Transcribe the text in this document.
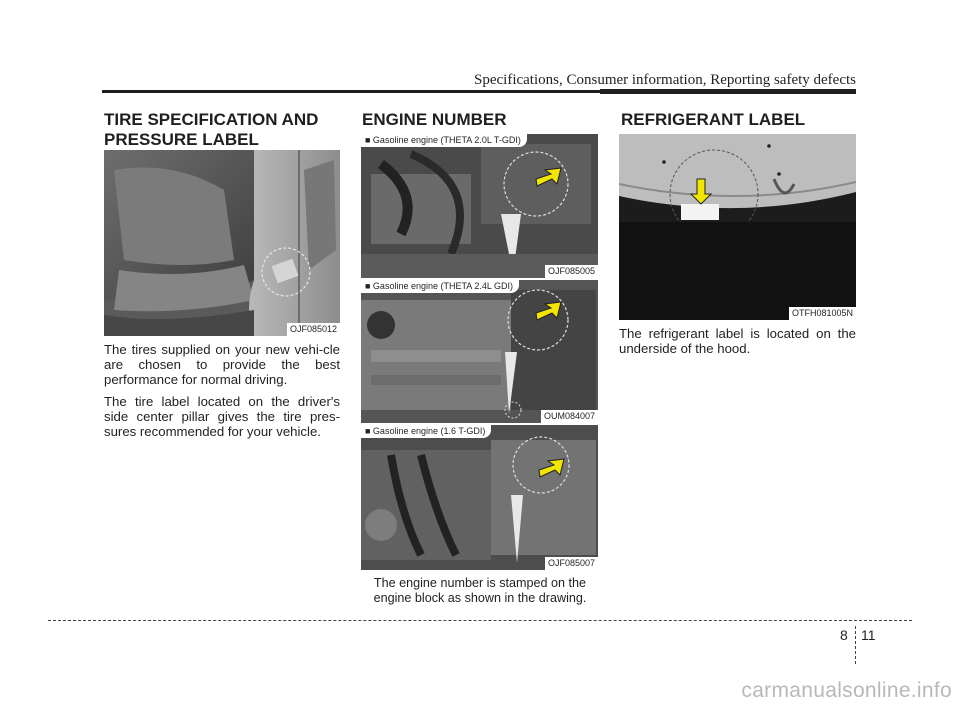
Specifications, Consumer information, Reporting safety defects
TIRE SPECIFICATION AND
PRESSURE LABEL
OJF085012

The tires supplied on your new vehi-cle are chosen to provide the best performance for normal driving.

The tire label located on the driver's side center pillar gives the tire pres-sures recommended for your vehicle.

ENGINE NUMBER
■ Gasoline engine (THETA 2.0L T-GDI)
OJF085005
■ Gasoline engine (THETA 2.4L GDI)
OUM084007
■ Gasoline engine (1.6 T-GDI)
OJF085007

The engine number is stamped on the engine block as shown in the drawing.

REFRIGERANT LABEL
OTFH081005N

The refrigerant label is located on the underside of the hood.

8 11
carmanualsonline.info
